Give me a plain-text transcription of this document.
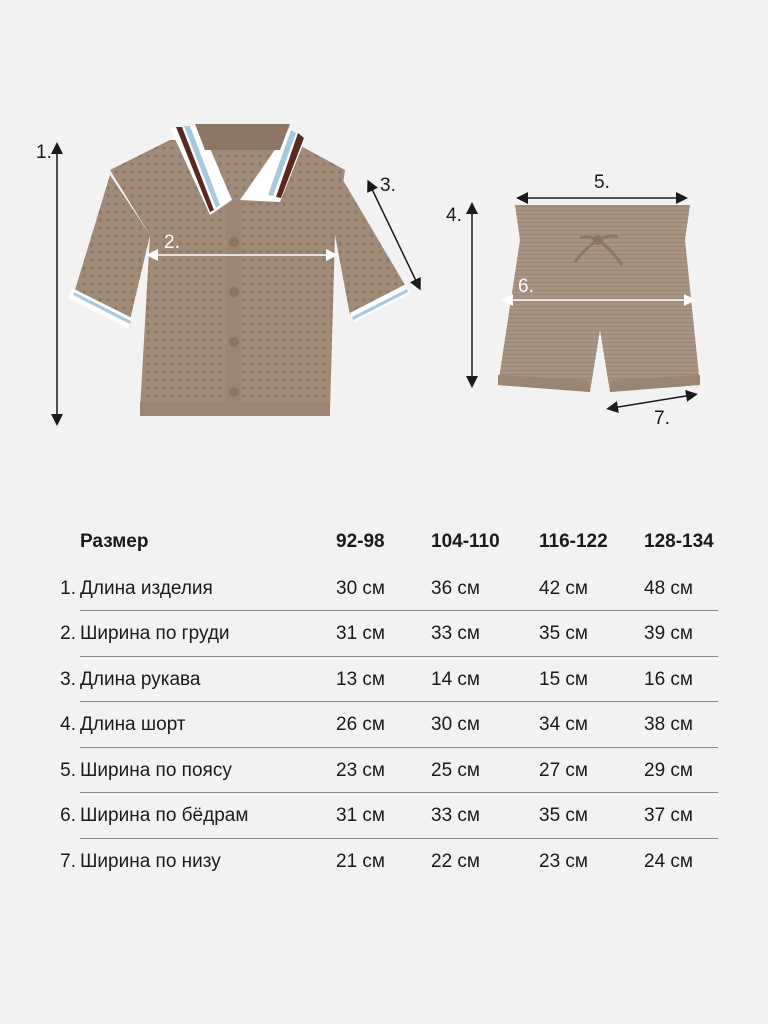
1.
2.
3.
4.
5.
6.
7.
Размер	92-98 104-110 116-122 128-134
1. Длина изделия	30 см 36 см	42 см	48 см
2. Ширина по груди	31 см 33 см	35 см	39 см
3. Длина рукава	13 см 14 см	15 см	16 см
4. Длина шорт	26 см 30 см	34 см	38 см
5. Ширина по поясу	23 см 25 см	27 см	29 см
6. Ширина по бёдрам	31 см 33 см	35 см	37 см
7. Ширина по низу	21 см 22 см	23 см	24 см
